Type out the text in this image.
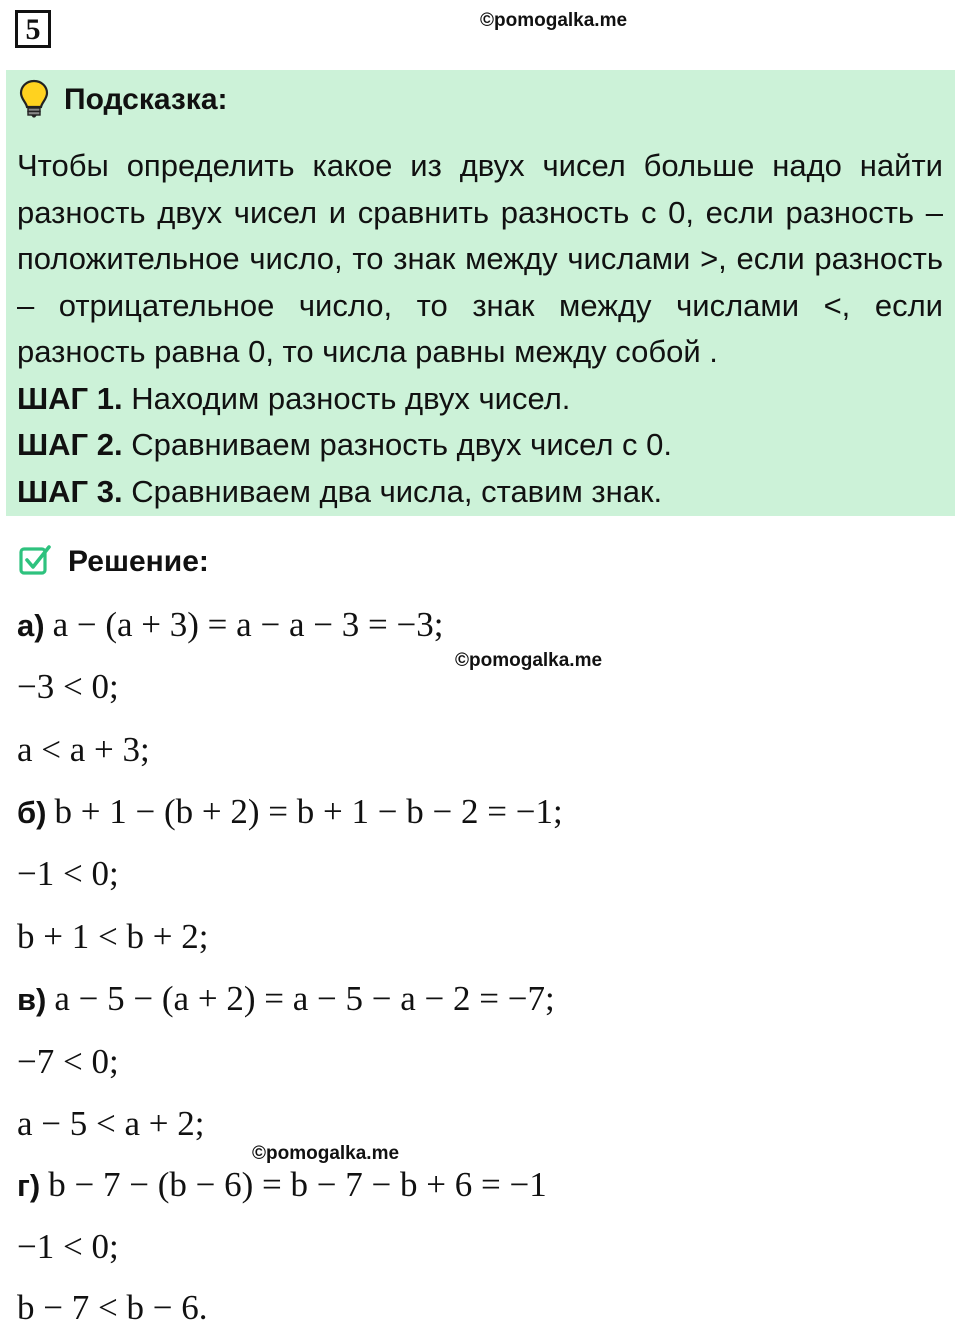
5	©pomogalka.me
Подсказка:

Чтобы определить какое из двух чисел больше надо найти разность двух чисел и сравнить разность с 0, если разность – положительное число, то знак между числами >, если разность – отрицательное число, то знак между числами <, если разность равна 0, то числа равны между собой .

ШАГ 1. Находим разность двух чисел.
ШАГ 2. Сравниваем разность двух чисел с 0.
ШАГ 3. Сравниваем два числа, ставим знак.
Решение:
а) a − (a + 3) = a − a − 3 = −3;
©pomogalka.me
−3 < 0;
a < a + 3;
б) b + 1 − (b + 2) = b + 1 − b − 2 = −1;
−1 < 0;
b + 1 < b + 2;
в) a − 5 − (a + 2) = a − 5 − a − 2 = −7;
−7 < 0;
a − 5 < a + 2;
©pomogalka.me
г) b − 7 − (b − 6) = b − 7 − b + 6 = −1
−1 < 0;
b − 7 < b − 6.
